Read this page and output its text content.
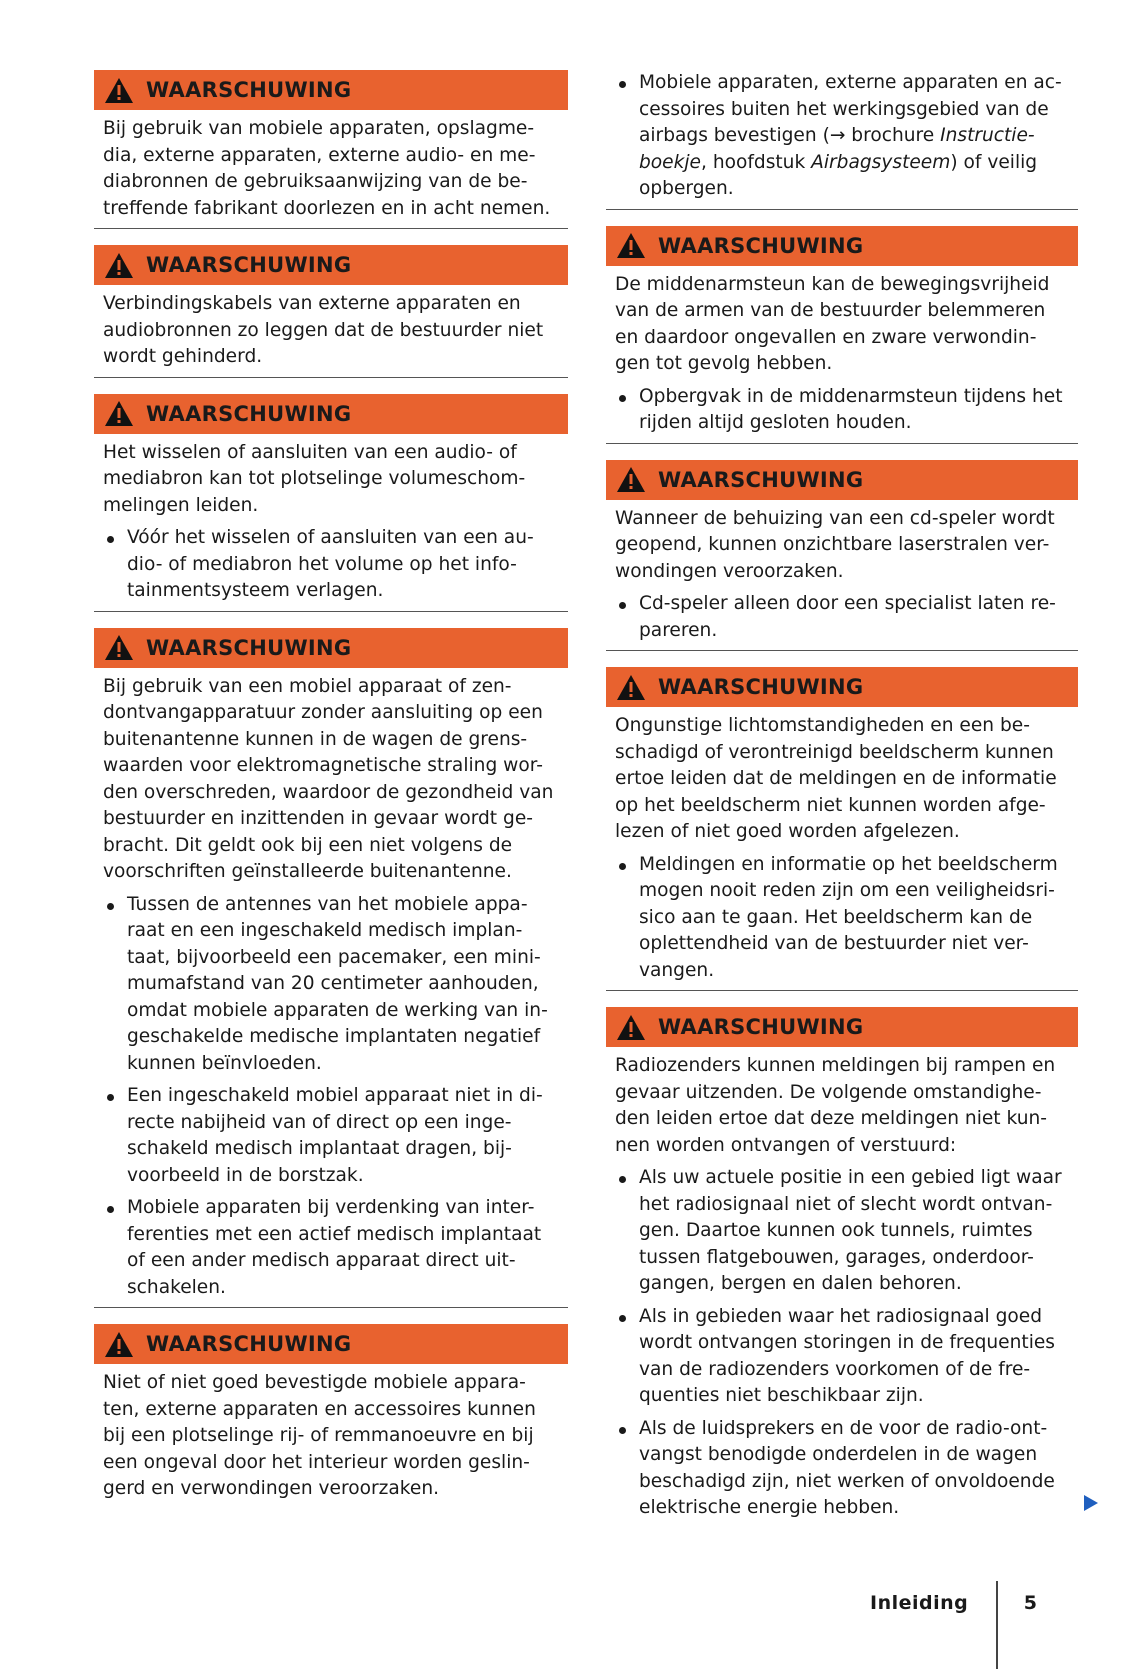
WAARSCHUWING

Bij gebruik van mobiele apparaten, opslagme- dia, externe apparaten, externe audio- en me- diabronnen de gebruiksaanwijzing van de be- treffende fabrikant doorlezen en in acht nemen.

WAARSCHUWING

Verbindingskabels van externe apparaten en audiobronnen zo leggen dat de bestuurder niet wordt gehinderd.

WAARSCHUWING

Het wisselen of aansluiten van een audio- of mediabron kan tot plotselinge volumeschom- melingen leiden.

Vóór het wisselen of aansluiten van een au- dio- of mediabron het volume op het info- tainmentsysteem verlagen.
WAARSCHUWING

Bij gebruik van een mobiel apparaat of zen- dontvangapparatuur zonder aansluiting op een buitenantenne kunnen in de wagen de grens- waarden voor elektromagnetische straling wor- den overschreden, waardoor de gezondheid van bestuurder en inzittenden in gevaar wordt ge- bracht. Dit geldt ook bij een niet volgens de voorschriften geïnstalleerde buitenantenne.

Tussen de antennes van het mobiele appa- raat en een ingeschakeld medisch implan- taat, bijvoorbeeld een pacemaker, een mini- mumafstand van 20 centimeter aanhouden, omdat mobiele apparaten de werking van in- geschakelde medische implantaten negatief kunnen beïnvloeden.
Een ingeschakeld mobiel apparaat niet in di- recte nabijheid van of direct op een inge- schakeld medisch implantaat dragen, bij- voorbeeld in de borstzak.
Mobiele apparaten bij verdenking van inter- ferenties met een actief medisch implantaat of een ander medisch apparaat direct uit- schakelen.
WAARSCHUWING

Niet of niet goed bevestigde mobiele appara- ten, externe apparaten en accessoires kunnen bij een plotselinge rij- of remmanoeuvre en bij een ongeval door het interieur worden geslin- gerd en verwondingen veroorzaken.

Mobiele apparaten, externe apparaten en ac- cessoires buiten het werkingsgebied van de airbags bevestigen (→ brochure Instructie- boekje, hoofdstuk Airbagsysteem) of veilig opbergen.
WAARSCHUWING

De middenarmsteun kan de bewegingsvrijheid van de armen van de bestuurder belemmeren en daardoor ongevallen en zware verwondin- gen tot gevolg hebben.

Opbergvak in de middenarmsteun tijdens het rijden altijd gesloten houden.
WAARSCHUWING

Wanneer de behuizing van een cd-speler wordt geopend, kunnen onzichtbare laserstralen ver- wondingen veroorzaken.

Cd-speler alleen door een specialist laten re- pareren.
WAARSCHUWING

Ongunstige lichtomstandigheden en een be- schadigd of verontreinigd beeldscherm kunnen ertoe leiden dat de meldingen en de informatie op het beeldscherm niet kunnen worden afge- lezen of niet goed worden afgelezen.

Meldingen en informatie op het beeldscherm mogen nooit reden zijn om een veiligheidsri- sico aan te gaan. Het beeldscherm kan de oplettendheid van de bestuurder niet ver- vangen.
WAARSCHUWING

Radiozenders kunnen meldingen bij rampen en gevaar uitzenden. De volgende omstandighe- den leiden ertoe dat deze meldingen niet kun- nen worden ontvangen of verstuurd:

Als uw actuele positie in een gebied ligt waar het radiosignaal niet of slecht wordt ontvan- gen. Daartoe kunnen ook tunnels, ruimtes tussen flatgebouwen, garages, onderdoor- gangen, bergen en dalen behoren.
Als in gebieden waar het radiosignaal goed wordt ontvangen storingen in de frequenties van de radiozenders voorkomen of de fre- quenties niet beschikbaar zijn.
Als de luidsprekers en de voor de radio-ont- vangst benodigde onderdelen in de wagen beschadigd zijn, niet werken of onvoldoende elektrische energie hebben.
Inleiding	5
